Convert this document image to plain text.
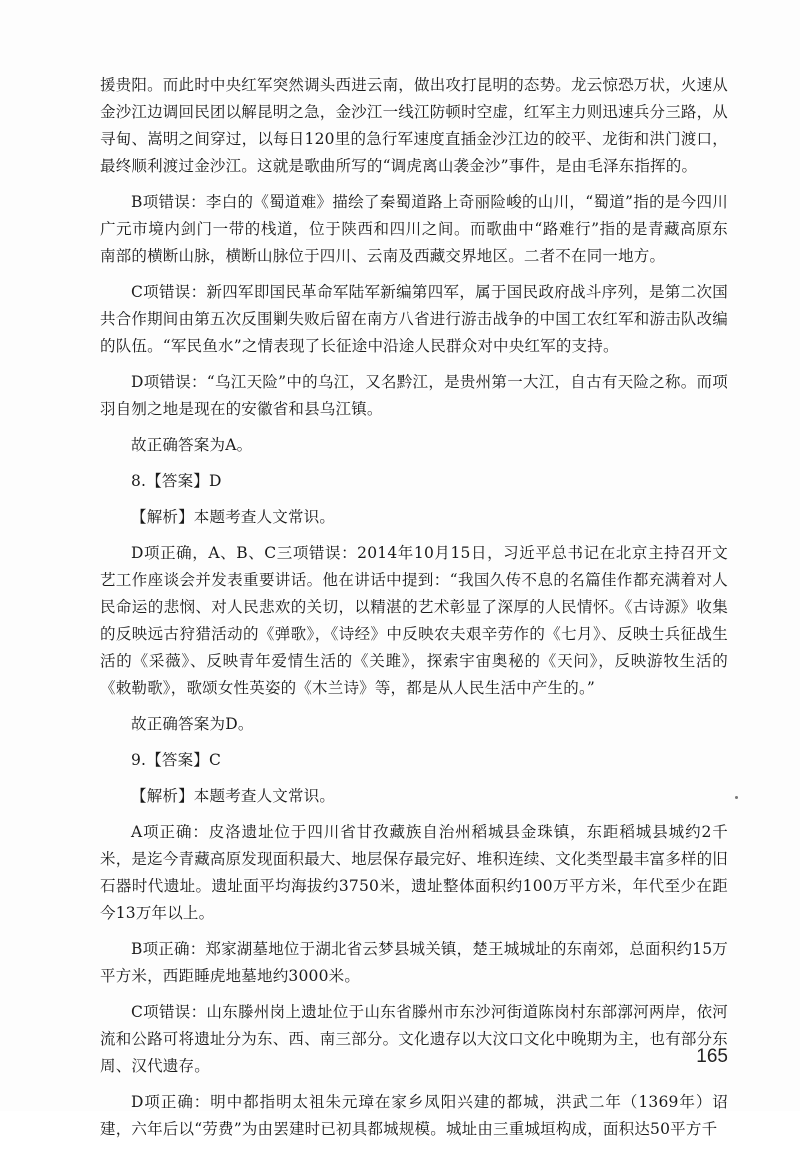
援贵阳。而此时中央红军突然调头西进云南，做出攻打昆明的态势。龙云惊恐万状，火速从金沙江边调回民团以解昆明之急，金沙江一线江防顿时空虚，红军主力则迅速兵分三路，从寻甸、嵩明之间穿过，以每日120里的急行军速度直插金沙江边的皎平、龙街和洪门渡口，最终顺利渡过金沙江。这就是歌曲所写的“调虎离山袭金沙”事件，是由毛泽东指挥的。

B项错误：李白的《蜀道难》描绘了秦蜀道路上奇丽险峻的山川，“蜀道”指的是今四川广元市境内剑门一带的栈道，位于陕西和四川之间。而歌曲中“路难行”指的是青藏高原东南部的横断山脉，横断山脉位于四川、云南及西藏交界地区。二者不在同一地方。

C项错误：新四军即国民革命军陆军新编第四军，属于国民政府战斗序列，是第二次国共合作期间由第五次反围剿失败后留在南方八省进行游击战争的中国工农红军和游击队改编的队伍。“军民鱼水”之情表现了长征途中沿途人民群众对中央红军的支持。

D项错误：“乌江天险”中的乌江，又名黔江，是贵州第一大江，自古有天险之称。而项羽自刎之地是现在的安徽省和县乌江镇。

故正确答案为A。

8.【答案】D

【解析】本题考查人文常识。

D项正确，A、B、C三项错误：2014年10月15日，习近平总书记在北京主持召开文艺工作座谈会并发表重要讲话。他在讲话中提到：“我国久传不息的名篇佳作都充满着对人民命运的悲悯、对人民悲欢的关切，以精湛的艺术彰显了深厚的人民情怀。《古诗源》收集的反映远古狩猎活动的《弹歌》，《诗经》中反映农夫艰辛劳作的《七月》、反映士兵征战生活的《采薇》、反映青年爱情生活的《关雎》，探索宇宙奥秘的《天问》，反映游牧生活的《敕勒歌》，歌颂女性英姿的《木兰诗》等，都是从人民生活中产生的。”

故正确答案为D。

9.【答案】C

【解析】本题考查人文常识。

A项正确：皮洛遗址位于四川省甘孜藏族自治州稻城县金珠镇，东距稻城县城约2千米，是迄今青藏高原发现面积最大、地层保存最完好、堆积连续、文化类型最丰富多样的旧石器时代遗址。遗址面平均海拔约3750米，遗址整体面积约100万平方米，年代至少在距今13万年以上。

B项正确：郑家湖墓地位于湖北省云梦县城关镇，楚王城城址的东南郊，总面积约15万平方米，西距睡虎地墓地约3000米。

C项错误：山东滕州岗上遗址位于山东省滕州市东沙河街道陈岗村东部漷河两岸，依河流和公路可将遗址分为东、西、南三部分。文化遗存以大汶口文化中晚期为主，也有部分东周、汉代遗存。

D项正确：明中都指明太祖朱元璋在家乡凤阳兴建的都城，洪武二年（1369年）诏建，六年后以“劳费”为由罢建时已初具都城规模。城址由三重城垣构成，面积达50平方千

165
